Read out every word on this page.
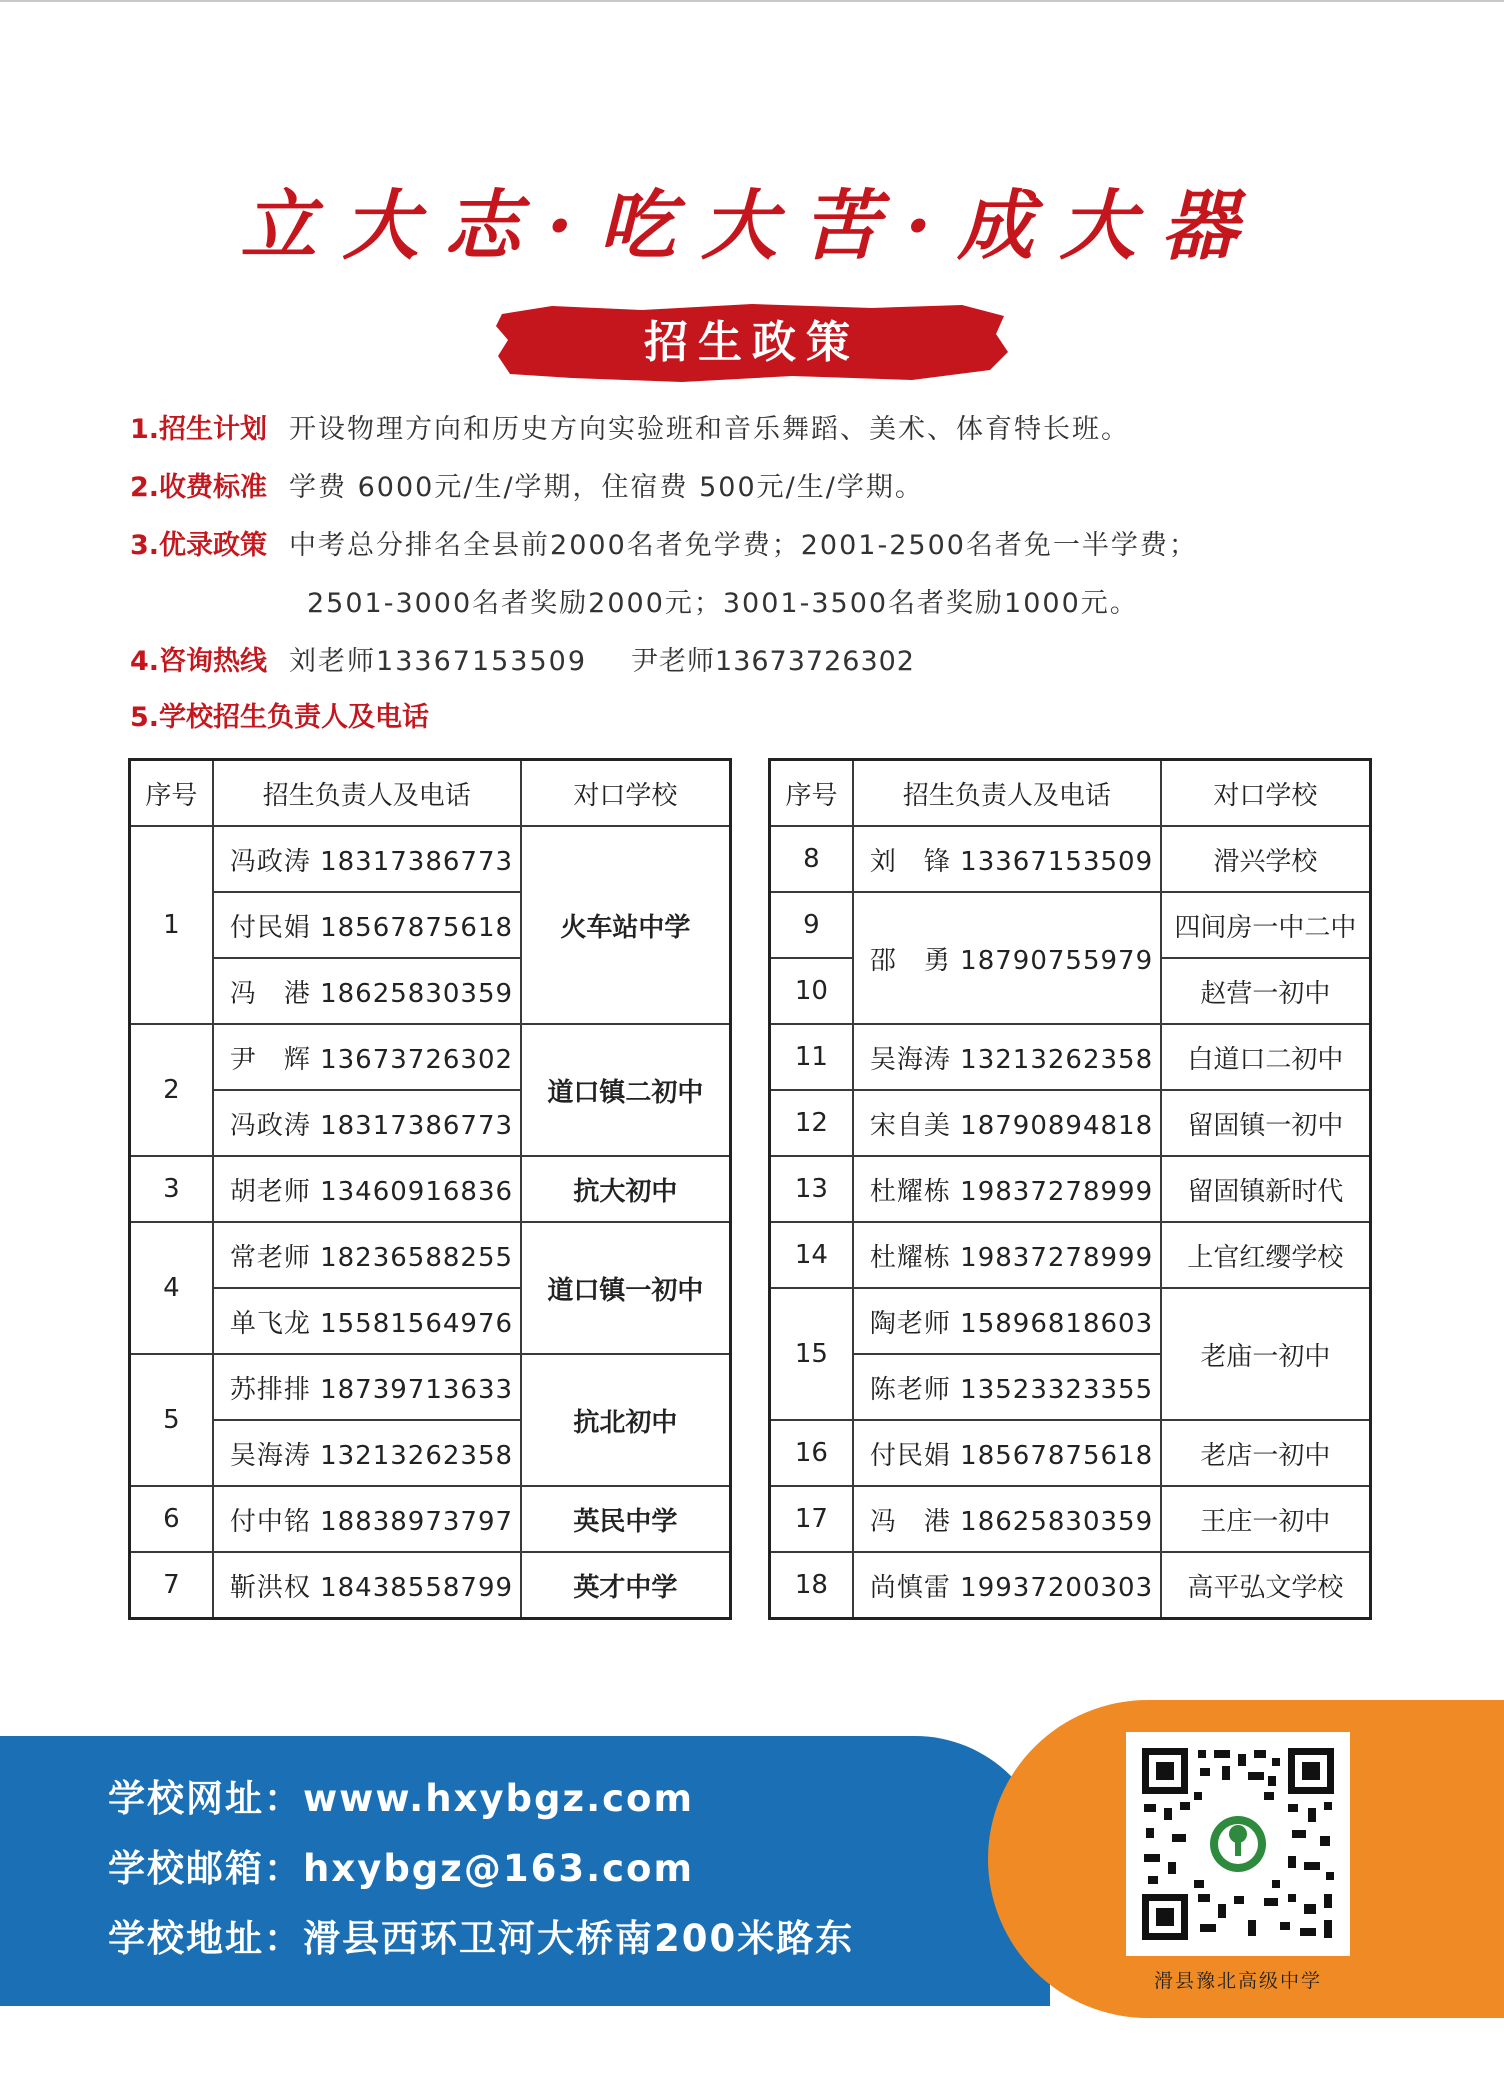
立大志·吃大苦·成大器
招生政策
1.招生计划 开设物理方向和历史方向实验班和音乐舞蹈、美术、体育特长班。
2.收费标准 学费 6000元/生/学期，住宿费 500元/生/学期。
3.优录政策 中考总分排名全县前2000名者免学费；2001-2500名者免一半学费；
2501-3000名者奖励2000元；3001-3500名者奖励1000元。
4.咨询热线 刘老师13367153509 尹老师13673726302
5.学校招生负责人及电话
序号	招生负责人及电话	对口学校
1	冯政涛 18317386773	火车站中学
	付民娟 18567875618	
	冯　港 18625830359	
2	尹　辉 13673726302	道口镇二初中
	冯政涛 18317386773	
3	胡老师 13460916836	抗大初中
4	常老师 18236588255	道口镇一初中
	单飞龙 15581564976	
5	苏排排 18739713633	抗北初中
	吴海涛 13213262358	
6	付中铭 18838973797	英民中学
7	靳洪权 18438558799	英才中学
序号	招生负责人及电话	对口学校
8	刘　锋 13367153509	滑兴学校
9	邵　勇 18790755979	四间房一中二中
10		赵营一初中
11	吴海涛 13213262358	白道口二初中
12	宋自美 18790894818	留固镇一初中
13	杜耀栋 19837278999	留固镇新时代
14	杜耀栋 19837278999	上官红缨学校
15	陶老师 15896818603	老庙一初中
	陈老师 13523323355	
16	付民娟 18567875618	老店一初中
17	冯　港 18625830359	王庄一初中
18	尚慎雷 19937200303	高平弘文学校
学校网址：www.hxybgz.com
学校邮箱：hxybgz@163.com
学校地址：滑县西环卫河大桥南200米路东
滑县豫北高级中学
